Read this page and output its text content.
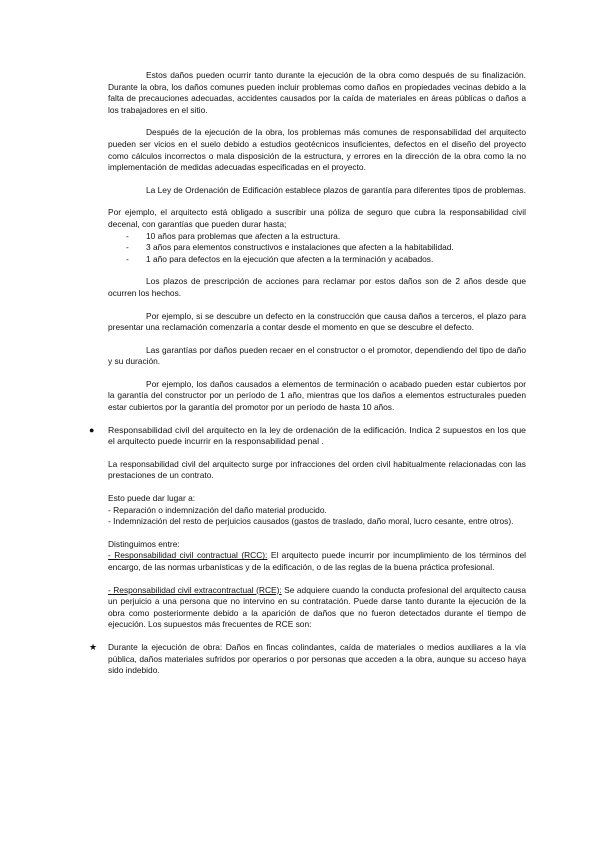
Estos daños pueden ocurrir tanto durante la ejecución de la obra como después de su finalización. Durante la obra, los daños comunes pueden incluir problemas como daños en propiedades vecinas debido a la falta de precauciones adecuadas, accidentes causados por la caída de materiales en áreas públicas o daños a los trabajadores en el sitio.

Después de la ejecución de la obra, los problemas más comunes de responsabilidad del arquitecto pueden ser vicios en el suelo debido a estudios geotécnicos insuficientes, defectos en el diseño del proyecto como cálculos incorrectos o mala disposición de la estructura, y errores en la dirección de la obra como la no implementación de medidas adecuadas especificadas en el proyecto.

La Ley de Ordenación de Edificación establece plazos de garantía para diferentes tipos de problemas.

Por ejemplo, el arquitecto está obligado a suscribir una póliza de seguro que cubra la responsabilidad civil decenal, con garantías que pueden durar hasta;

- 10 años para problemas que afecten a la estructura.
- 3 años para elementos constructivos e instalaciones que afecten a la habitabilidad.
- 1 año para defectos en la ejecución que afecten a la terminación y acabados.

Los plazos de prescripción de acciones para reclamar por estos daños son de 2 años desde que ocurren los hechos.

Por ejemplo, si se descubre un defecto en la construcción que causa daños a terceros, el plazo para presentar una reclamación comenzaría a contar desde el momento en que se descubre el defecto.

Las garantías por daños pueden recaer en el constructor o el promotor, dependiendo del tipo de daño y su duración.

Por ejemplo, los daños causados a elementos de terminación o acabado pueden estar cubiertos por la garantía del constructor por un período de 1 año, mientras que los daños a elementos estructurales pueden estar cubiertos por la garantía del promotor por un período de hasta 10 años.

● Responsabilidad civil del arquitecto en la ley de ordenación de la edificación. Indica 2 supuestos en los que el arquitecto puede incurrir en la responsabilidad penal .

La responsabilidad civil del arquitecto surge por infracciones del orden civil habitualmente relacionadas con las prestaciones de un contrato.

Esto puede dar lugar a:

- Reparación o indemnización del daño material producido.

- Indemnización del resto de perjuicios causados (gastos de traslado, daño moral, lucro cesante, entre otros).

Distinguimos entre:

- Responsabilidad civil contractual (RCC): El arquitecto puede incurrir por incumplimiento de los términos del encargo, de las normas urbanísticas y de la edificación, o de las reglas de la buena práctica profesional.

- Responsabilidad civil extracontractual (RCE): Se adquiere cuando la conducta profesional del arquitecto causa un perjuicio a una persona que no intervino en su contratación. Puede darse tanto durante la ejecución de la obra como posteriormente debido a la aparición de daños que no fueron detectados durante el tiempo de ejecución. Los supuestos más frecuentes de RCE son:

★ Durante la ejecución de obra: Daños en fincas colindantes, caída de materiales o medios auxiliares a la vía pública, daños materiales sufridos por operarios o por personas que acceden a la obra, aunque su acceso haya sido indebido.
